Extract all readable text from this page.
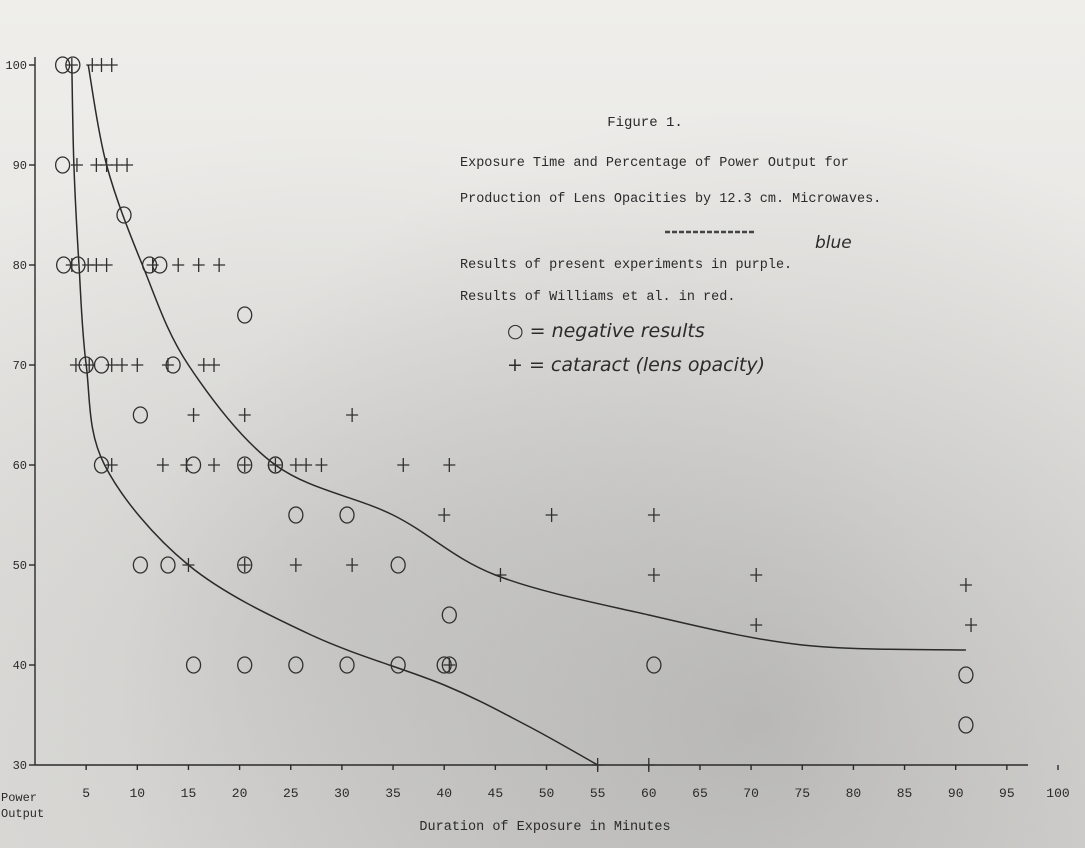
30
40
50
60
70
80
90
100
5	10	15	20	25	30	35	40	45	50	55	60	65	70	75	80	85	90	95 100
Figure 1.
Exposure Time and Percentage of Power Output for
Production of Lens Opacities by 12.3 cm. Microwaves.
blue
Results of present experiments in purple.
Results of Williams et al. in red.
○ = negative results
+ = cataract (lens opacity)
Power
Output
Duration of Exposure in Minutes
